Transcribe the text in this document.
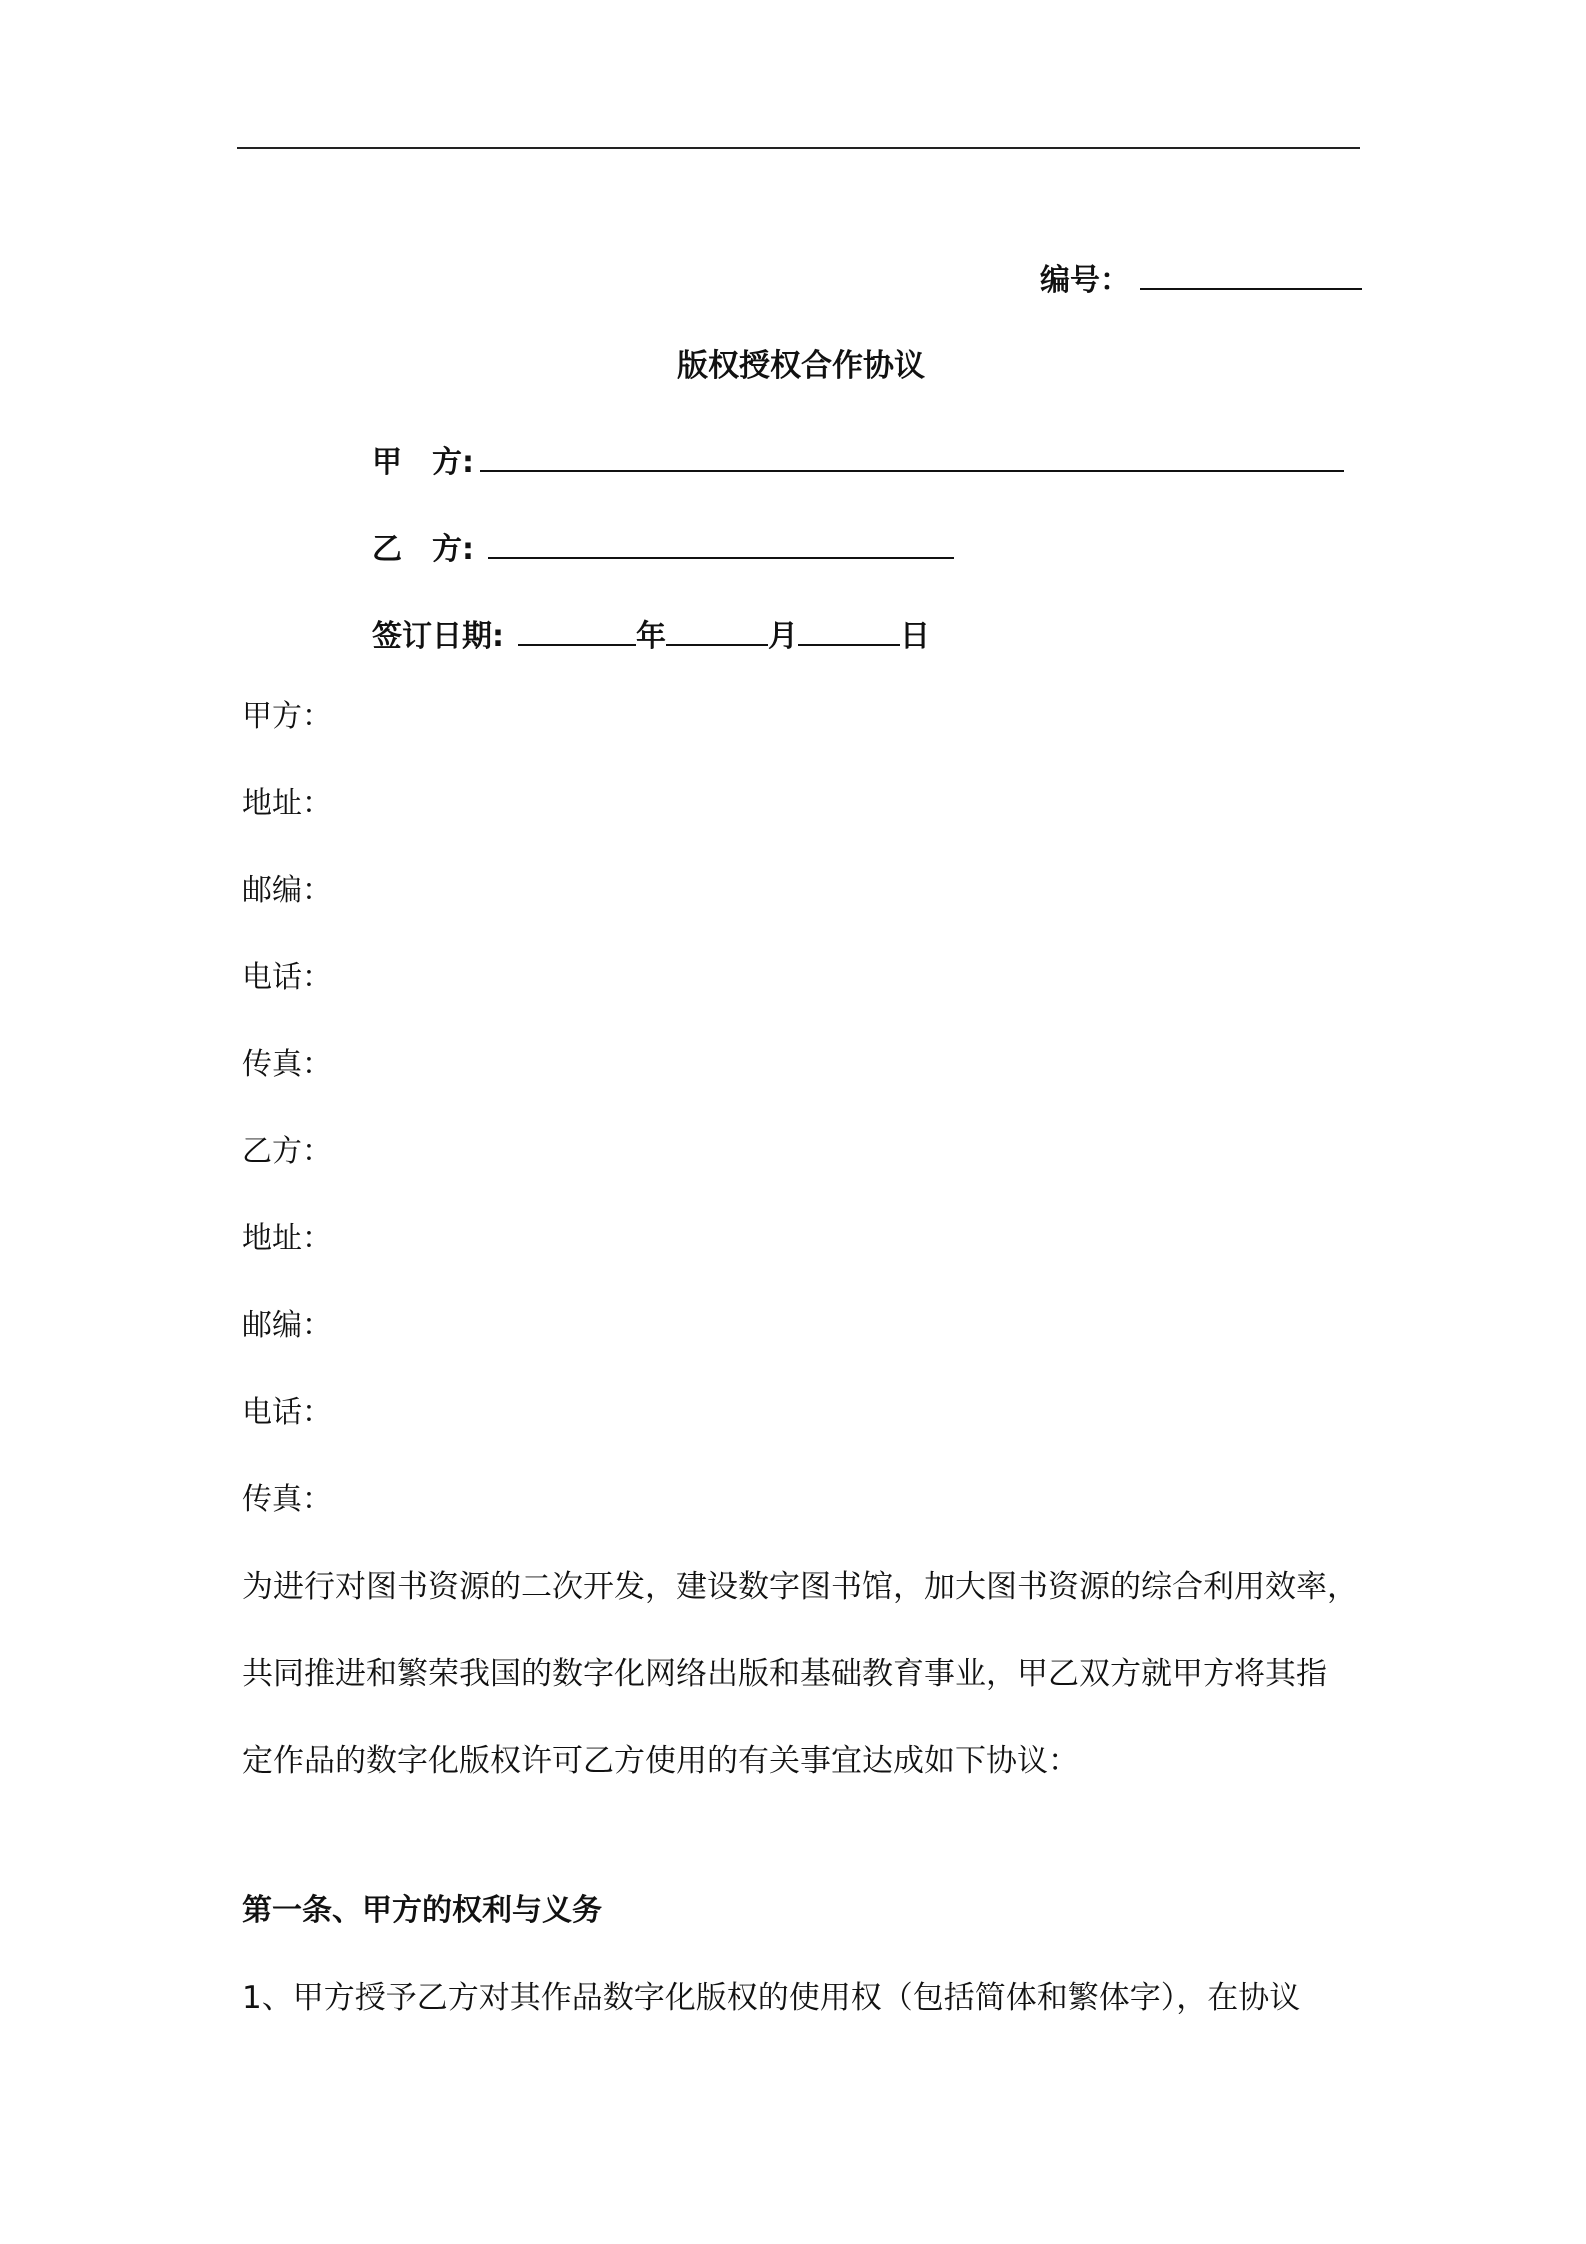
编号：
版权授权合作协议
甲　方:
乙　方:
签订日期:	年	月	日
甲方：
地址：
邮编：
电话：
传真：
乙方：
地址：
邮编：
电话：
传真：
为进行对图书资源的二次开发，建设数字图书馆，加大图书资源的综合利用效率，
共同推进和繁荣我国的数字化网络出版和基础教育事业，甲乙双方就甲方将其指
定作品的数字化版权许可乙方使用的有关事宜达成如下协议：
第一条、甲方的权利与义务
1、甲方授予乙方对其作品数字化版权的使用权（包括简体和繁体字），在协议
